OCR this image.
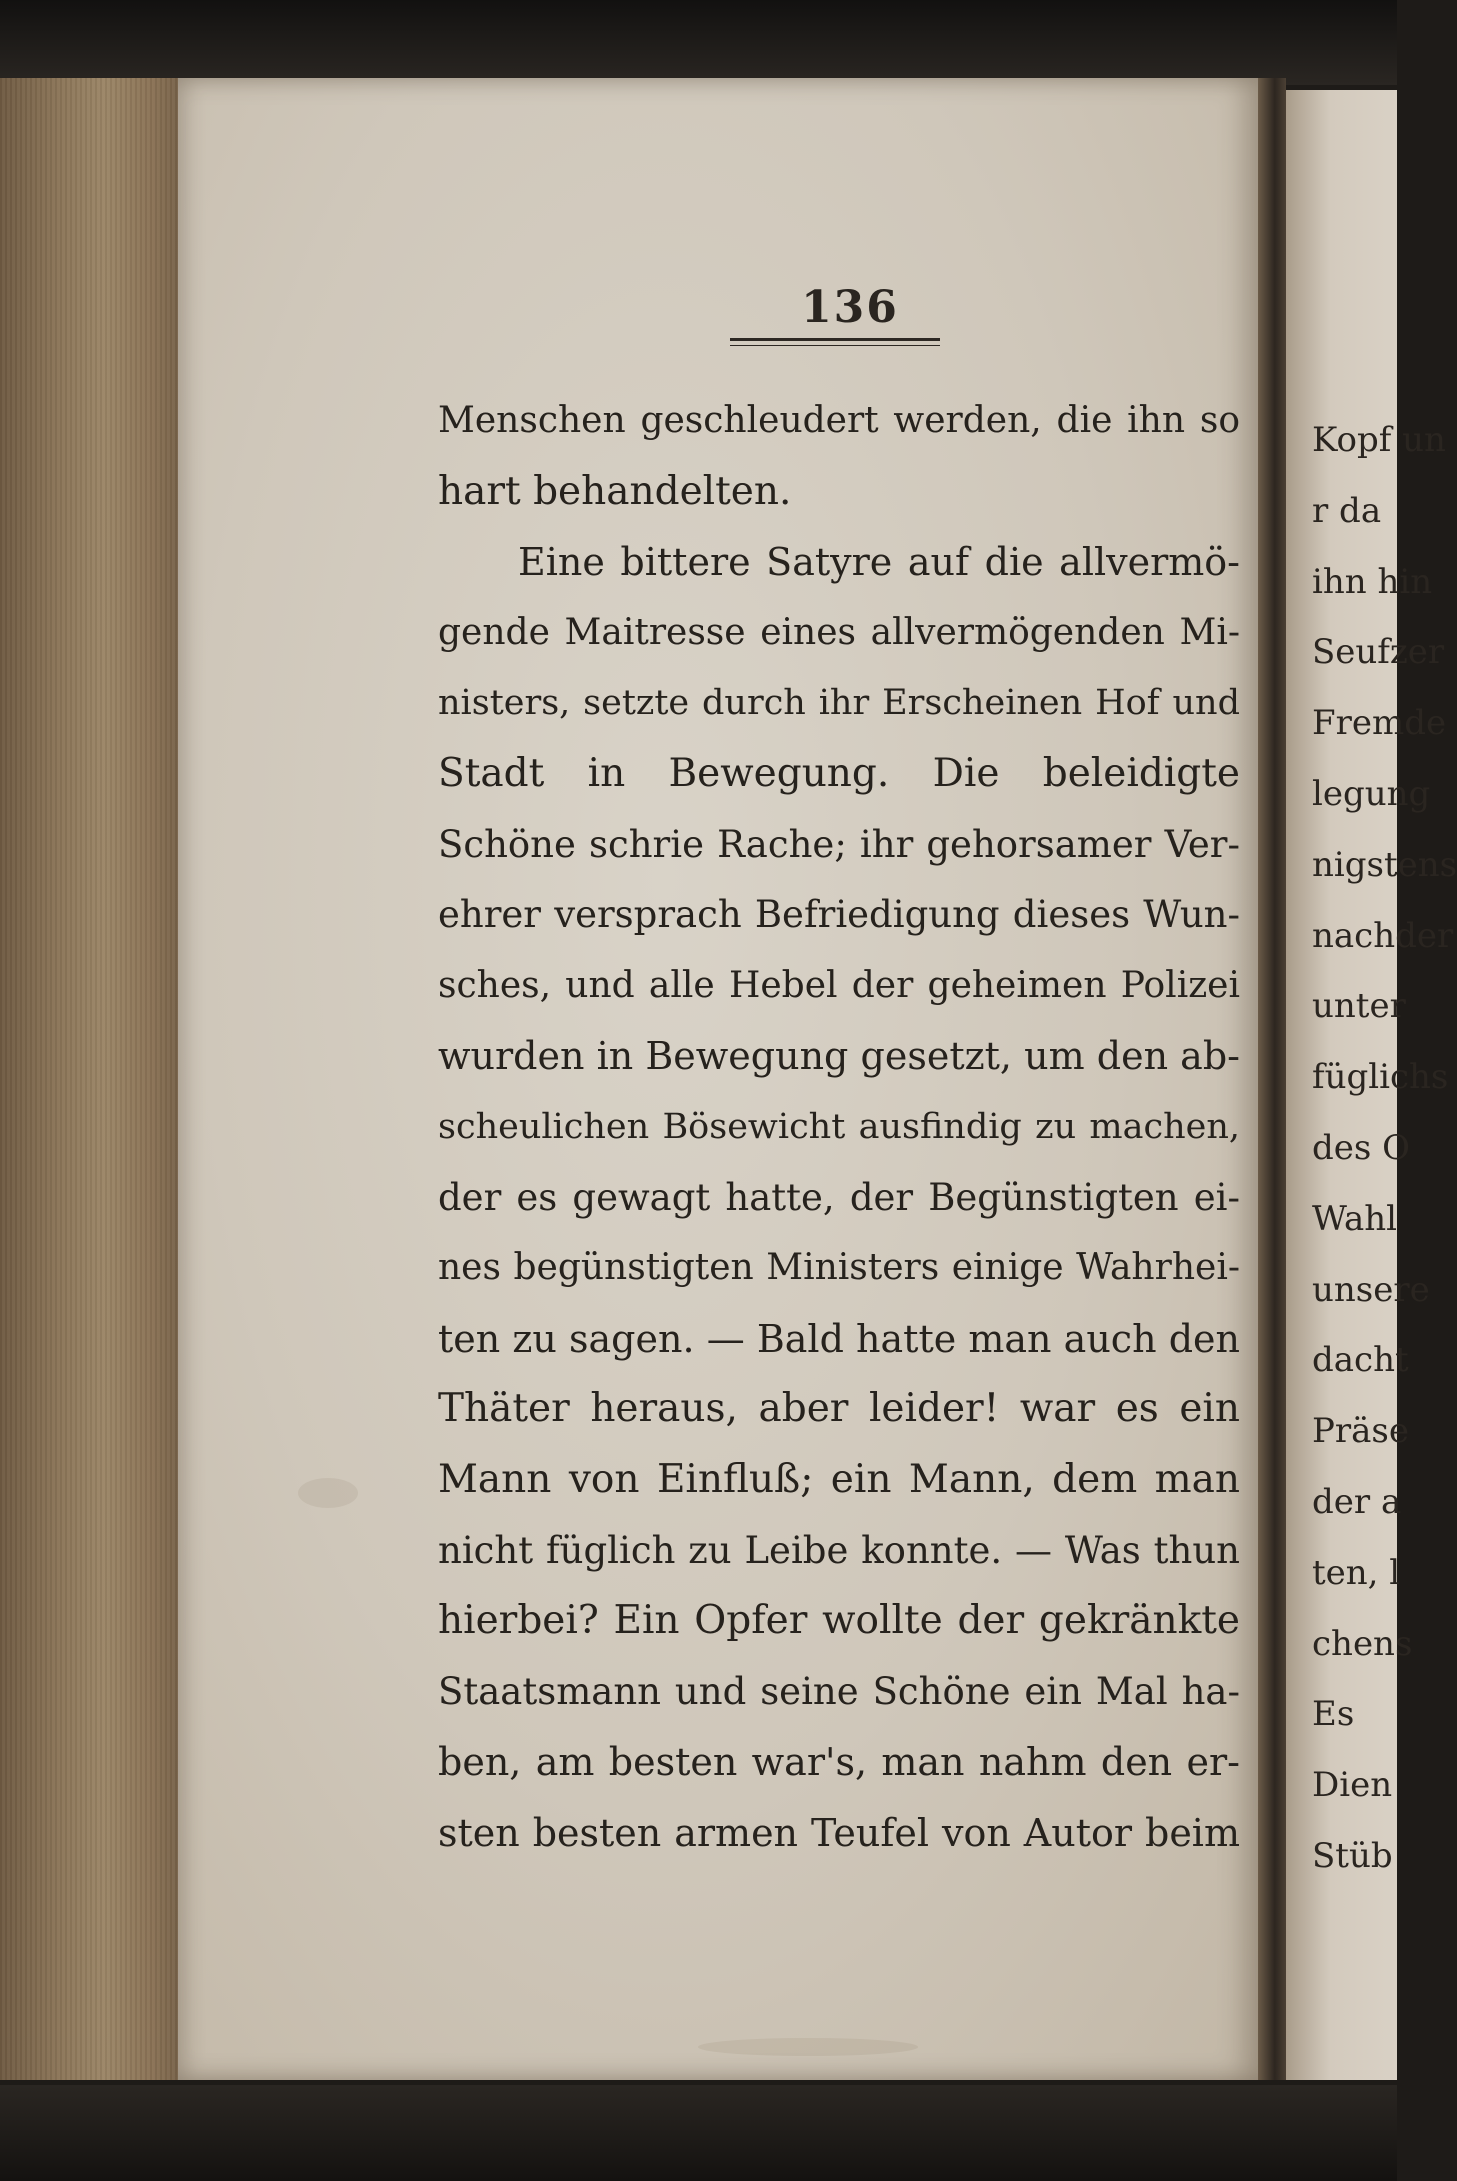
Kopf un
r da
ihn hin
Seufzer
Fremde
legung
nigstens
nachder
unter
füglichs
des O
Wahl
unsere
dacht
Präse
der a
ten, l
chens
Es
Dien
Stüb
136
Menschen geschleudert werden, die ihn so
hart behandelten.
Eine bittere Satyre auf die allvermö-
gende Maitresse eines allvermögenden Mi-
nisters, setzte durch ihr Erscheinen Hof und
Stadt in Bewegung. Die beleidigte
Schöne schrie Rache; ihr gehorsamer Ver-
ehrer versprach Befriedigung dieses Wun-
sches, und alle Hebel der geheimen Polizei
wurden in Bewegung gesetzt, um den ab-
scheulichen Bösewicht ausfindig zu machen,
der es gewagt hatte, der Begünstigten ei-
nes begünstigten Ministers einige Wahrhei-
ten zu sagen. — Bald hatte man auch den
Thäter heraus, aber leider! war es ein
Mann von Einfluß; ein Mann, dem man
nicht füglich zu Leibe konnte. — Was thun
hierbei? Ein Opfer wollte der gekränkte
Staatsmann und seine Schöne ein Mal ha-
ben, am besten war's, man nahm den er-
sten besten armen Teufel von Autor beim
